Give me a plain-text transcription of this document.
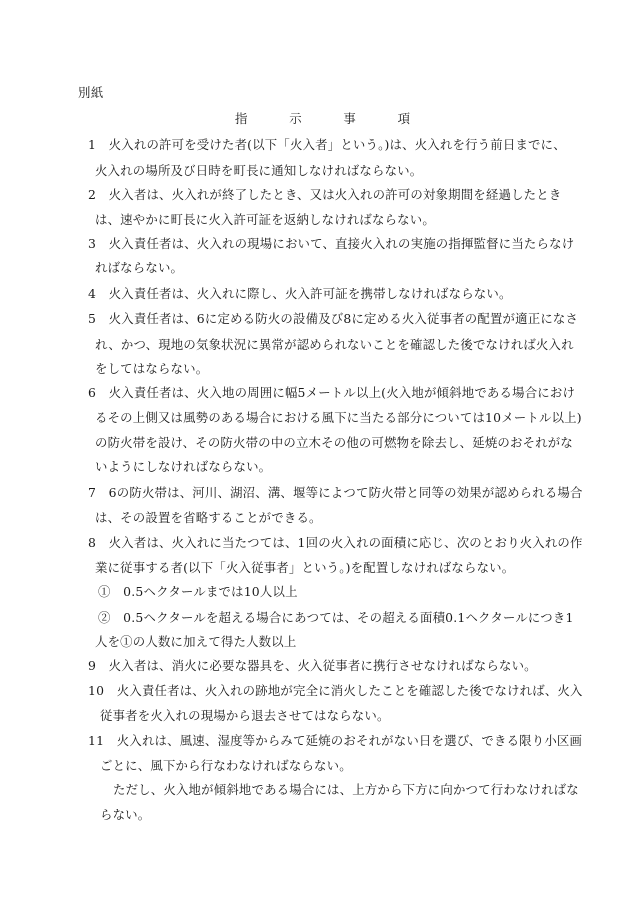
別紙
指	示	事	項
1　火入れの許可を受けた者(以下「火入者」という。)は、火入れを行う前日までに、
火入れの場所及び日時を町長に通知しなければならない。
2　火入者は、火入れが終了したとき、又は火入れの許可の対象期間を経過したとき
は、速やかに町長に火入許可証を返納しなければならない。
3　火入責任者は、火入れの現場において、直接火入れの実施の指揮監督に当たらなけ
ればならない。
4　火入責任者は、火入れに際し、火入許可証を携帯しなければならない。
5　火入責任者は、6に定める防火の設備及び8に定める火入従事者の配置が適正になさ
れ、かつ、現地の気象状況に異常が認められないことを確認した後でなければ火入れ
をしてはならない。
6　火入責任者は、火入地の周囲に幅5メートル以上(火入地が傾斜地である場合におけ
るその上側又は風勢のある場合における風下に当たる部分については10メートル以上)
の防火帯を設け、その防火帯の中の立木その他の可燃物を除去し、延焼のおそれがな
いようにしなければならない。
7　6の防火帯は、河川、湖沼、溝、堰等によつて防火帯と同等の効果が認められる場合
は、その設置を省略することができる。
8　火入者は、火入れに当たつては、1回の火入れの面積に応じ、次のとおり火入れの作
業に従事する者(以下「火入従事者」という。)を配置しなければならない。
①　0.5ヘクタールまでは10人以上
②　0.5ヘクタールを超える場合にあつては、その超える面積0.1ヘクタールにつき1
人を①の人数に加えて得た人数以上
9　火入者は、消火に必要な器具を、火入従事者に携行させなければならない。
10　火入責任者は、火入れの跡地が完全に消火したことを確認した後でなければ、火入
従事者を火入れの現場から退去させてはならない。
11　火入れは、風速、湿度等からみて延焼のおそれがない日を選び、できる限り小区画
ごとに、風下から行なわなければならない。
ただし、火入地が傾斜地である場合には、上方から下方に向かつて行わなければな
らない。
